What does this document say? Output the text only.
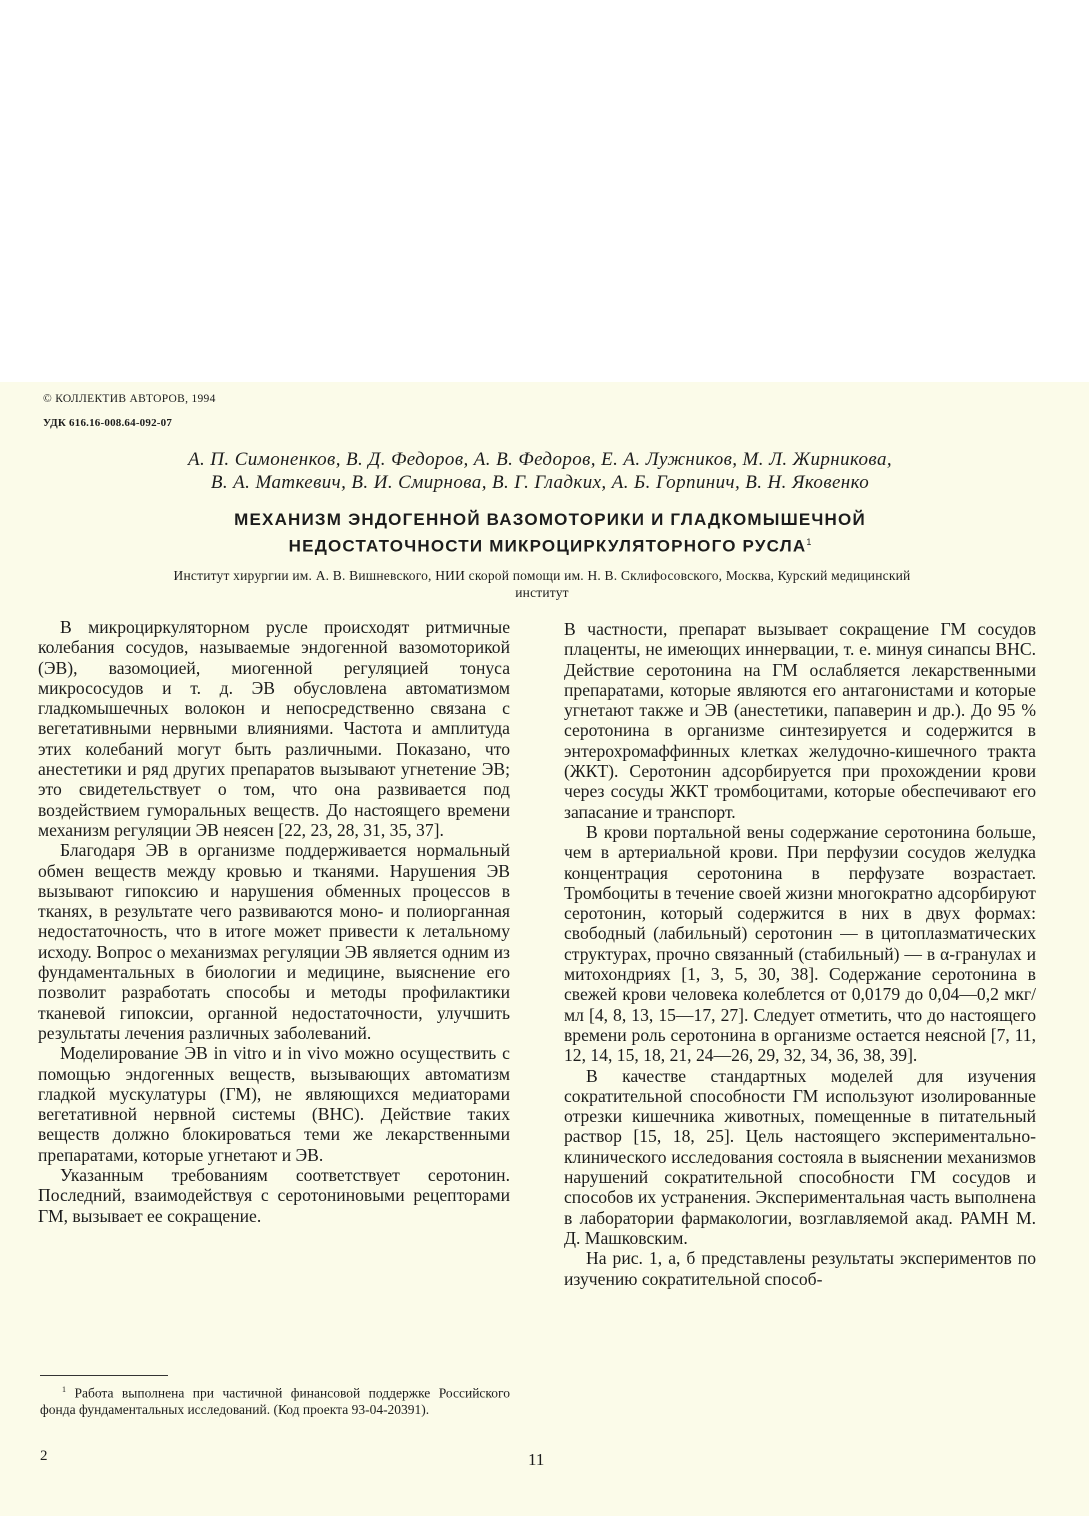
© КОЛЛЕКТИВ АВТОРОВ, 1994
УДК 616.16-008.64-092-07
А. П. Симоненков, В. Д. Федоров, А. В. Федоров, Е. А. Лужников, М. Л. Жирникова,
В. А. Маткевич, В. И. Смирнова, В. Г. Гладких, А. Б. Горпинич, В. Н. Яковенко
МЕХАНИЗМ ЭНДОГЕННОЙ ВАЗОМОТОРИКИ И ГЛАДКОМЫШЕЧНОЙ
НЕДОСТАТОЧНОСТИ МИКРОЦИРКУЛЯТОРНОГО РУСЛА$^1$
Институт хирургии им. А. В. Вишневского, НИИ скорой помощи им. Н. В. Склифосовского, Москва, Курский медицинский
институт

В микроциркуляторном русле происходят ритмичные колебания сосудов, называемые эндогенной вазомоторикой (ЭВ), вазомоцией, миогенной регуляцией тонуса микрососудов и т. д. ЭВ обусловлена автоматизмом гладкомышечных волокон и непосредственно связана с вегетативными нервными влияниями. Частота и амплитуда этих колебаний могут быть различными. Показано, что анестетики и ряд других препаратов вызывают угнетение ЭВ; это свидетельствует о том, что она развивается под воздействием гуморальных веществ. До настоящего времени механизм регуляции ЭВ неясен [22, 23, 28, 31, 35, 37].

Благодаря ЭВ в организме поддерживается нормальный обмен веществ между кровью и тканями. Нарушения ЭВ вызывают гипоксию и нарушения обменных процессов в тканях, в результате чего развиваются моно- и полиорганная недостаточность, что в итоге может привести к летальному исходу. Вопрос о механизмах регуляции ЭВ является одним из фундаментальных в биологии и медицине, выяснение его позволит разработать способы и методы профилактики тканевой гипоксии, органной недостаточности, улучшить результаты лечения различных заболеваний.

Моделирование ЭВ in vitro и in vivo можно осуществить с помощью эндогенных веществ, вызывающих автоматизм гладкой мускулатуры (ГМ), не являющихся медиаторами вегетативной нервной системы (ВНС). Действие таких веществ должно блокироваться теми же лекарственными препаратами, которые угнетают и ЭВ.

Указанным требованиям соответствует серотонин. Последний, взаимодействуя с серотониновыми рецепторами ГМ, вызывает ее сокращение.

В частности, препарат вызывает сокращение ГМ сосудов плаценты, не имеющих иннервации, т. е. минуя синапсы ВНС. Действие серотонина на ГМ ослабляется лекарственными препаратами, которые являются его антагонистами и которые угнетают также и ЭВ (анестетики, папаверин и др.). До 95 % серотонина в организме синтезируется и содержится в энтерохромаффинных клетках желудочно-кишечного тракта (ЖКТ). Серотонин адсорбируется при прохождении крови через сосуды ЖКТ тромбоцитами, которые обеспечивают его запасание и транспорт.

В крови портальной вены содержание серотонина больше, чем в артериальной крови. При перфузии сосудов желудка концентрация серотонина в перфузате возрастает. Тромбоциты в течение своей жизни многократно адсорбируют серотонин, который содержится в них в двух формах: свободный (лабильный) серотонин — в цитоплазматических структурах, прочно связанный (стабильный) — в α-гранулах и митохондриях [1, 3, 5, 30, 38]. Содержание серотонина в свежей крови человека колеблется от 0,0179 до 0,04—0,2 мкг/мл [4, 8, 13, 15—17, 27]. Следует отметить, что до настоящего времени роль серотонина в организме остается неясной [7, 11, 12, 14, 15, 18, 21, 24—26, 29, 32, 34, 36, 38, 39].

В качестве стандартных моделей для изучения сократительной способности ГМ используют изолированные отрезки кишечника животных, помещенные в питательный раствор [15, 18, 25]. Цель настоящего экспериментально-клинического исследования состояла в выяснении механизмов нарушений сократительной способности ГМ сосудов и способов их устранения. Экспериментальная часть выполнена в лаборатории фармакологии, возглавляемой акад. РАМН М. Д. Машковским.

На рис. 1, а, б представлены результаты экспериментов по изучению сократительной способ-

$^1$ Работа выполнена при частичной финансовой поддержке Российского фонда фундаментальных исследований. (Код проекта 93-04-20391).
2	11
